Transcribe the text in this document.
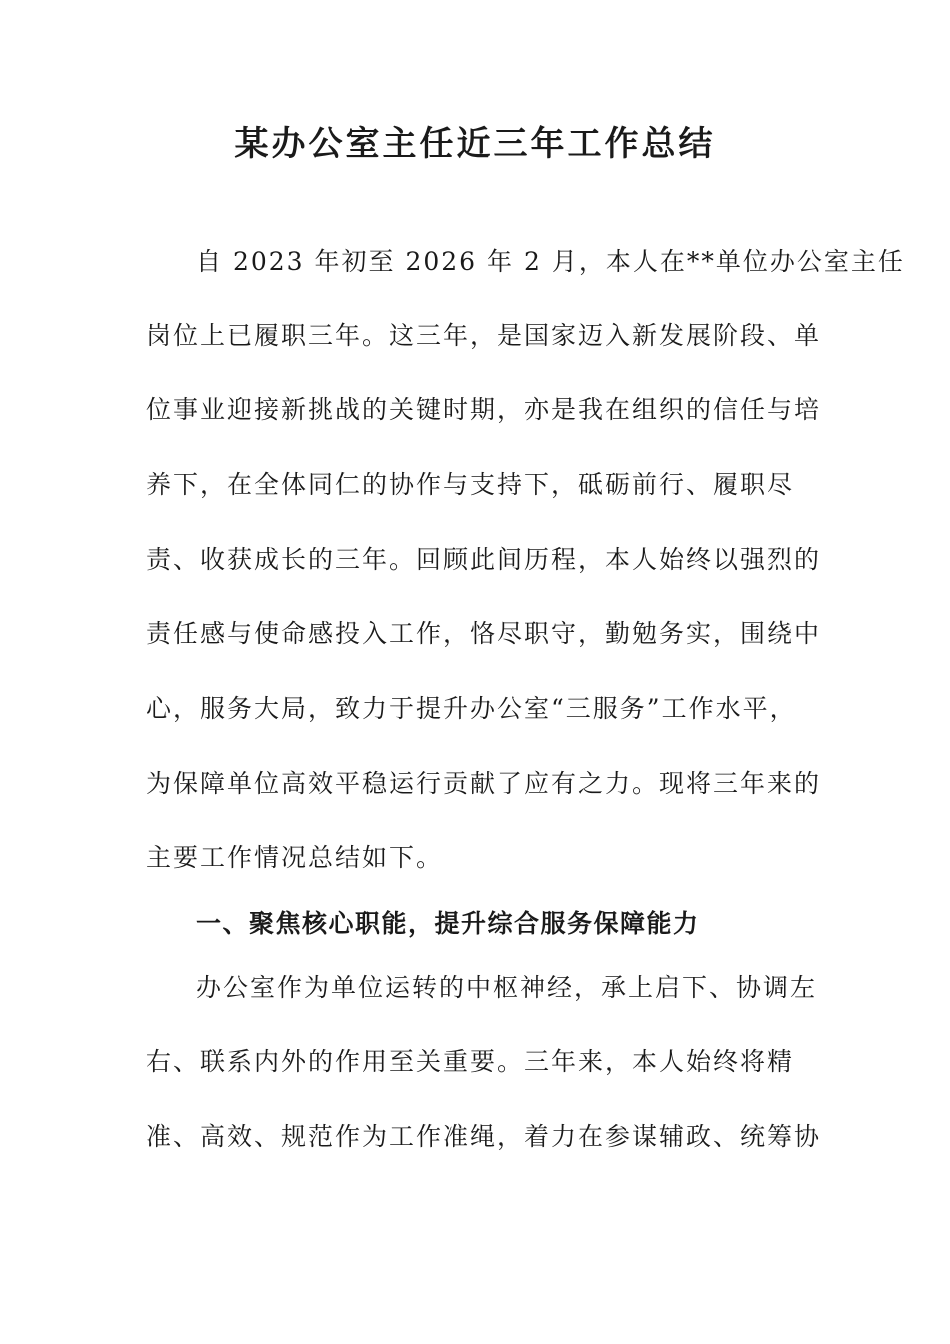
某办公室主任近三年工作总结

自 2023 年初至 2026 年 2 月，本人在**单位办公室主任

岗位上已履职三年。这三年，是国家迈入新发展阶段、单

位事业迎接新挑战的关键时期，亦是我在组织的信任与培

养下，在全体同仁的协作与支持下，砥砺前行、履职尽

责、收获成长的三年。回顾此间历程，本人始终以强烈的

责任感与使命感投入工作，恪尽职守，勤勉务实，围绕中

心，服务大局，致力于提升办公室“三服务”工作水平，

为保障单位高效平稳运行贡献了应有之力。现将三年来的

主要工作情况总结如下。

一、聚焦核心职能，提升综合服务保障能力

办公室作为单位运转的中枢神经，承上启下、协调左

右、联系内外的作用至关重要。三年来，本人始终将精

准、高效、规范作为工作准绳，着力在参谋辅政、统筹协
